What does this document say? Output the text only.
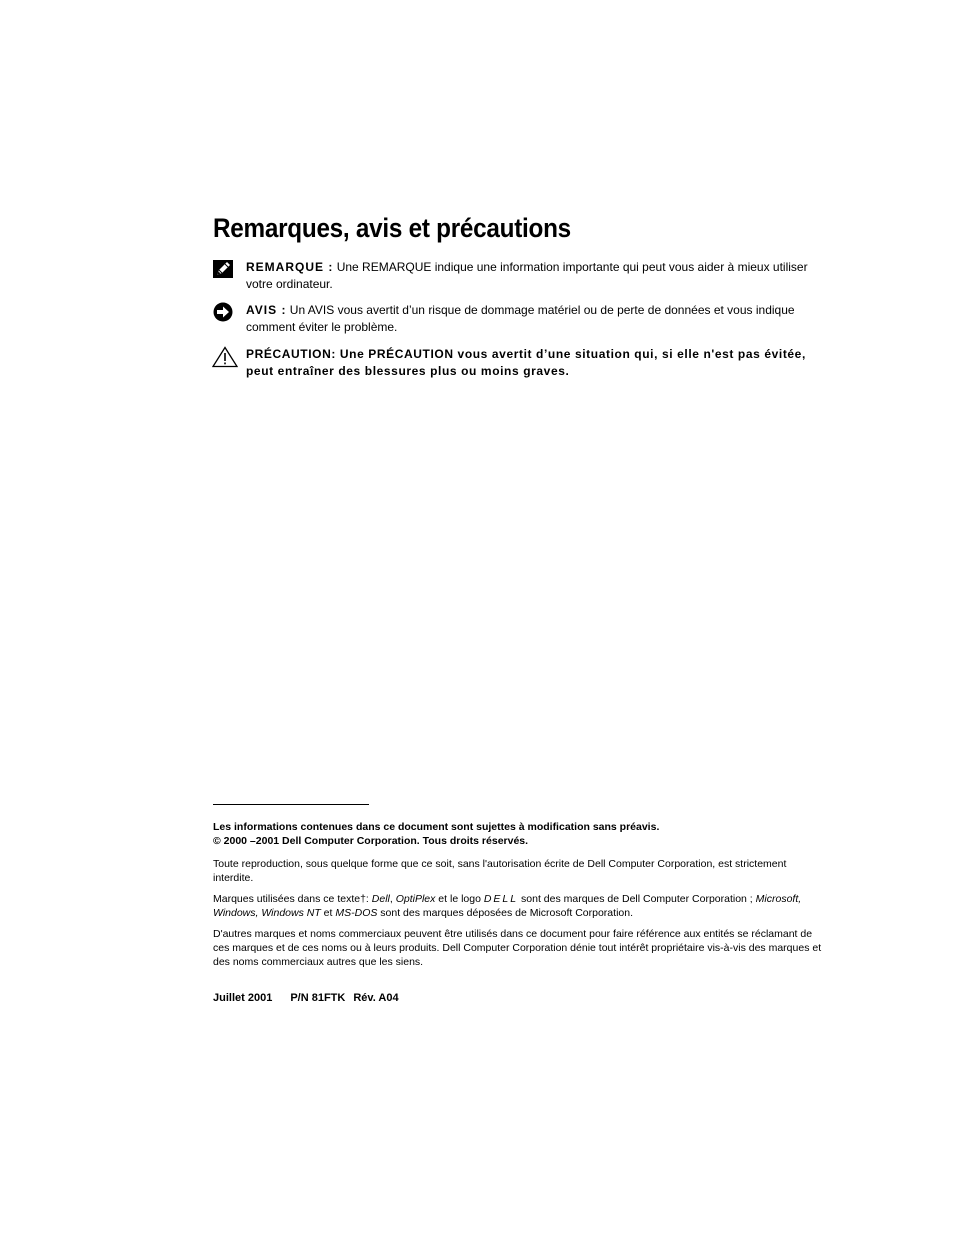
Remarques, avis et précautions
REMARQUE : Une REMARQUE indique une information importante qui peut vous aider à mieux utiliser votre ordinateur.
AVIS : Un AVIS vous avertit d’un risque de dommage matériel ou de perte de données et vous indique comment éviter le problème.
PRÉCAUTION: Une PRÉCAUTION vous avertit d’une situation qui, si elle n'est pas évitée, peut entraîner des blessures plus ou moins graves.

Les informations contenues dans ce document sont sujettes à modification sans préavis.

© 2000 –2001 Dell Computer Corporation. Tous droits réservés.

Toute reproduction, sous quelque forme que ce soit, sans l'autorisation écrite de Dell Computer Corporation, est strictement interdite.

Marques utilisées dans ce texte†: Dell, OptiPlex et le logo DELL sont des marques de Dell Computer Corporation ; Microsoft, Windows, Windows NT et MS-DOS sont des marques déposées de Microsoft Corporation.

D'autres marques et noms commerciaux peuvent être utilisés dans ce document pour faire référence aux entités se réclamant de ces marques et de ces noms ou à leurs produits. Dell Computer Corporation dénie tout intérêt propriétaire vis-à-vis des marques et des noms commerciaux autres que les siens.

Juillet 2001 P/N 81FTK Rév. A04
